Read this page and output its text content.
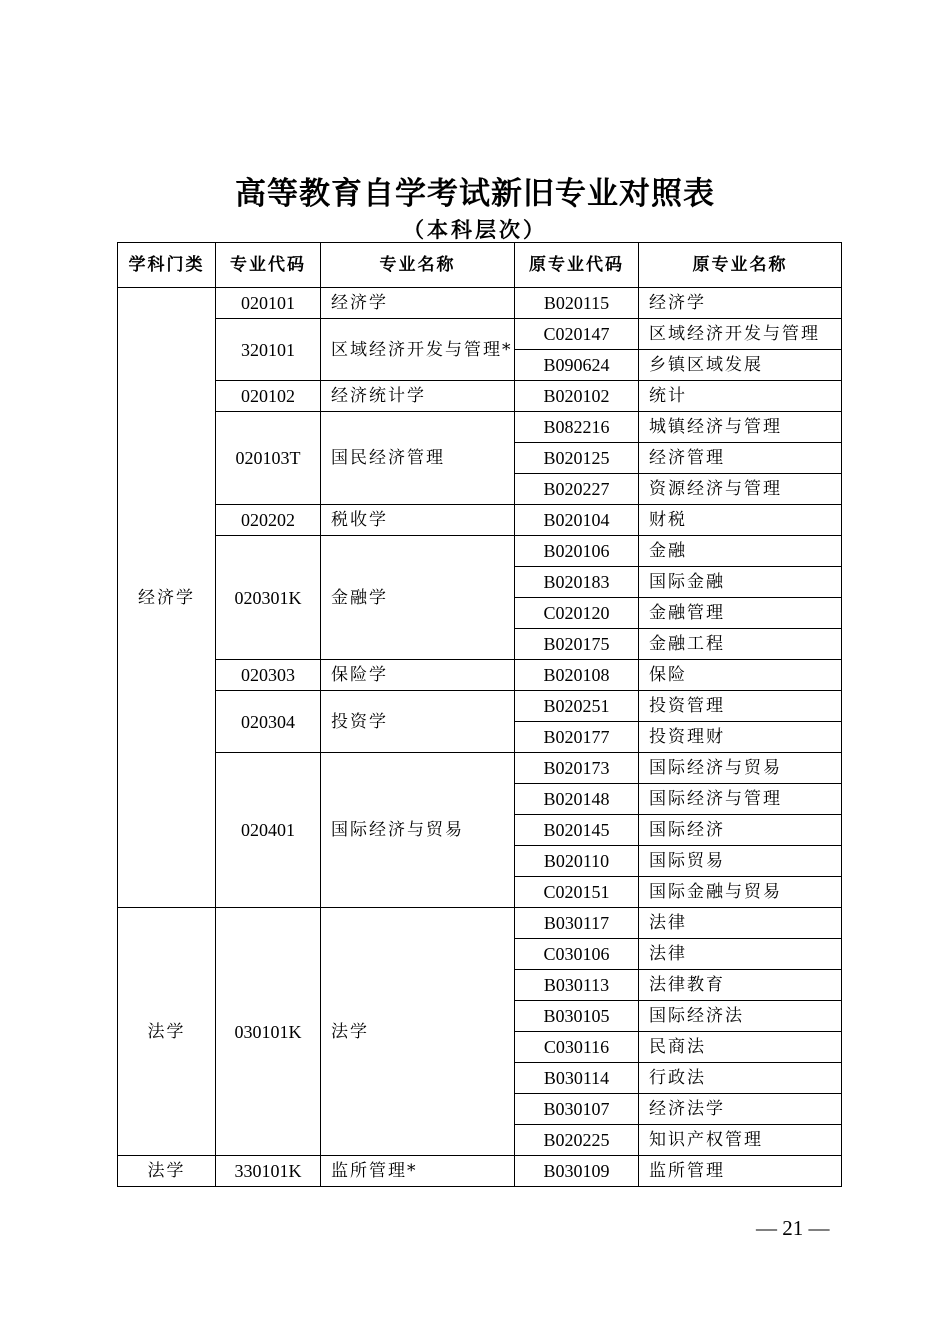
高等教育自学考试新旧专业对照表
（本科层次）
学科门类	专业代码	专业名称	原专业代码	原专业名称
经济学	020101	经济学	B020115	经济学
	320101	区域经济开发与管理*	C020147	区域经济开发与管理
			B090624	乡镇区域发展
	020102	经济统计学	B020102	统计
	020103T	国民经济管理	B082216	城镇经济与管理
			B020125	经济管理
			B020227	资源经济与管理
	020202	税收学	B020104	财税
	020301K	金融学	B020106	金融
			B020183	国际金融
			C020120	金融管理
			B020175	金融工程
	020303	保险学	B020108	保险
	020304	投资学	B020251	投资管理
			B020177	投资理财
	020401	国际经济与贸易	B020173	国际经济与贸易
			B020148	国际经济与管理
			B020145	国际经济
			B020110	国际贸易
			C020151	国际金融与贸易
法学	030101K	法学	B030117	法律
			C030106	法律
			B030113	法律教育
			B030105	国际经济法
			C030116	民商法
			B030114	行政法
			B030107	经济法学
			B020225	知识产权管理
法学	330101K	监所管理*	B030109	监所管理
— 21 —
